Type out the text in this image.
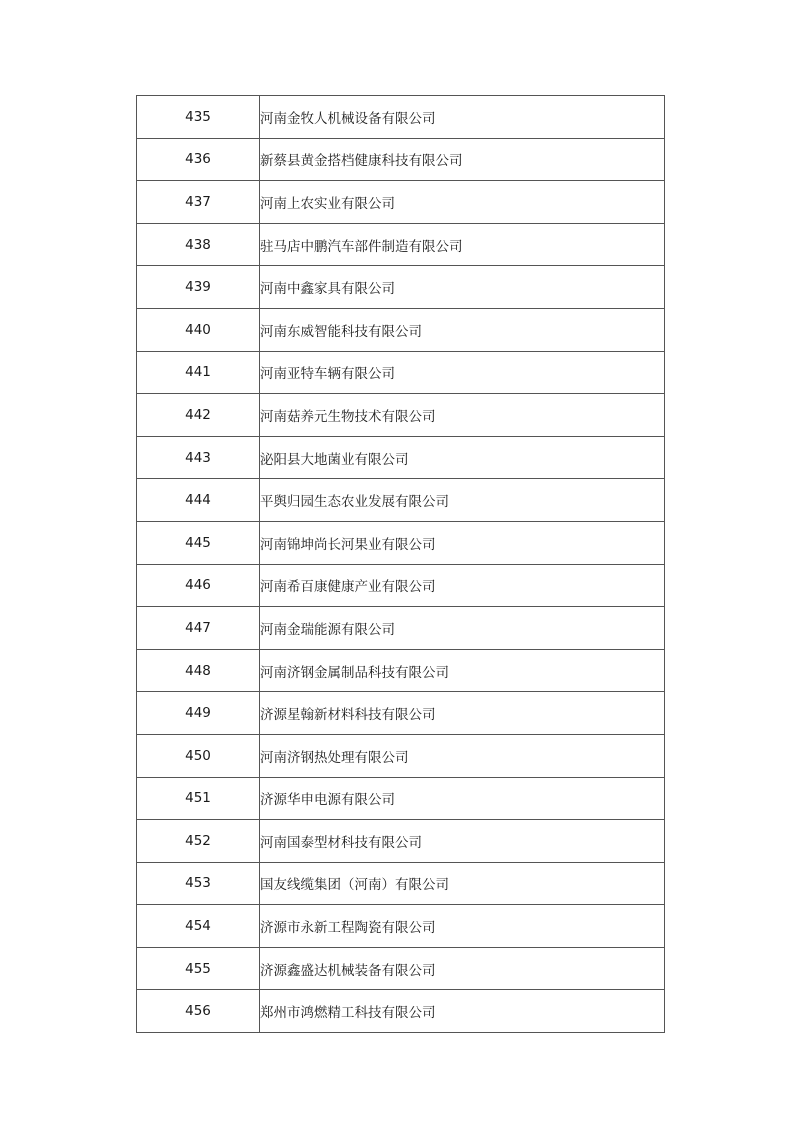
435	河南金牧人机械设备有限公司
436	新蔡县黄金搭档健康科技有限公司
437	河南上农实业有限公司
438	驻马店中鹏汽车部件制造有限公司
439	河南中鑫家具有限公司
440	河南东威智能科技有限公司
441	河南亚特车辆有限公司
442	河南菇养元生物技术有限公司
443	泌阳县大地菌业有限公司
444	平舆归园生态农业发展有限公司
445	河南锦坤尚长河果业有限公司
446	河南希百康健康产业有限公司
447	河南金瑞能源有限公司
448	河南济钢金属制品科技有限公司
449	济源星翰新材料科技有限公司
450	河南济钢热处理有限公司
451	济源华申电源有限公司
452	河南国泰型材科技有限公司
453	国友线缆集团（河南）有限公司
454	济源市永新工程陶瓷有限公司
455	济源鑫盛达机械装备有限公司
456	郑州市鸿燃精工科技有限公司
